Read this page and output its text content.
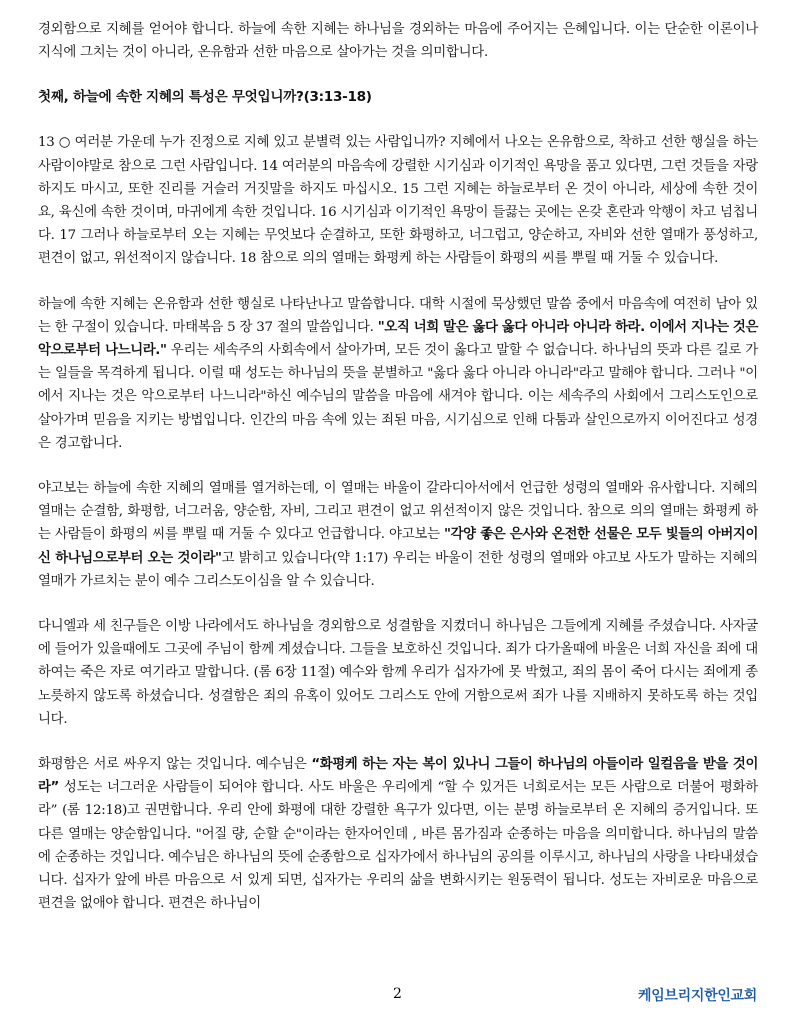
경외함으로 지혜를 얻어야 합니다. 하늘에 속한 지혜는 하나님을 경외하는 마음에 주어지는 은혜입니다. 이는 단순한 이론이나 지식에 그치는 것이 아니라, 온유함과 선한 마음으로 살아가는 것을 의미합니다.

첫째, 하늘에 속한 지혜의 특성은 무엇입니까?(3:13-18)

13 ○ 여러분 가운데 누가 진정으로 지혜 있고 분별력 있는 사람입니까? 지혜에서 나오는 온유함으로, 착하고 선한 행실을 하는 사람이야말로 참으로 그런 사람입니다. 14 여러분의 마음속에 강렬한 시기심과 이기적인 욕망을 품고 있다면, 그런 것들을 자랑하지도 마시고, 또한 진리를 거슬러 거짓말을 하지도 마십시오. 15 그런 지혜는 하늘로부터 온 것이 아니라, 세상에 속한 것이요, 육신에 속한 것이며, 마귀에게 속한 것입니다. 16 시기심과 이기적인 욕망이 들끓는 곳에는 온갖 혼란과 악행이 차고 넘칩니다. 17 그러나 하늘로부터 오는 지혜는 무엇보다 순결하고, 또한 화평하고, 너그럽고, 양순하고, 자비와 선한 열매가 풍성하고, 편견이 없고, 위선적이지 않습니다. 18 참으로 의의 열매는 화평케 하는 사람들이 화평의 씨를 뿌릴 때 거둘 수 있습니다.

하늘에 속한 지혜는 온유함과 선한 행실로 나타난나고 말씀합니다. 대학 시절에 묵상했던 말씀 중에서 마음속에 여전히 남아 있는 한 구절이 있습니다. 마태복음 5 장 37 절의 말씀입니다. "오직 너희 말은 옳다 옳다 아니라 아니라 하라. 이에서 지나는 것은 악으로부터 나느니라." 우리는 세속주의 사회속에서 살아가며, 모든 것이 옳다고 말할 수 없습니다. 하나님의 뜻과 다른 길로 가는 일들을 목격하게 됩니다. 이럴 때 성도는 하나님의 뜻을 분별하고 "옳다 옳다 아니라 아니라"라고 말해야 합니다. 그러나 "이에서 지나는 것은 악으로부터 나느니라"하신 예수님의 말씀을 마음에 새겨야 합니다. 이는 세속주의 사회에서 그리스도인으로 살아가며 믿음을 지키는 방법입니다. 인간의 마음 속에 있는 죄된 마음, 시기심으로 인해 다툼과 살인으로까지 이어진다고 성경은 경고합니다.

야고보는 하늘에 속한 지혜의 열매를 열거하는데, 이 열매는 바울이 갈라디아서에서 언급한 성령의 열매와 유사합니다. 지혜의 열매는 순결함, 화평함, 너그러움, 양순함, 자비, 그리고 편견이 없고 위선적이지 않은 것입니다. 참으로 의의 열매는 화평케 하는 사람들이 화평의 씨를 뿌릴 때 거둘 수 있다고 언급합니다. 야고보는 "각양 좋은 은사와 온전한 선물은 모두 빛들의 아버지이신 하나님으로부터 오는 것이라"고 밝히고 있습니다(약 1:17) 우리는 바울이 전한 성령의 열매와 야고보 사도가 말하는 지혜의 열매가 가르치는 분이 예수 그리스도이심을 알 수 있습니다.

다니엘과 세 친구들은 이방 나라에서도 하나님을 경외함으로 성결함을 지켰더니 하나님은 그들에게 지혜를 주셨습니다. 사자굴에 들어가 있을때에도 그곳에 주님이 함께 계셨습니다. 그들을 보호하신 것입니다. 죄가 다가올때에 바울은 너희 자신을 죄에 대하여는 죽은 자로 여기라고 말합니다. (롬 6장 11절) 예수와 함께 우리가 십자가에 못 박혔고, 죄의 몸이 죽어 다시는 죄에게 종 노릇하지 않도록 하셨습니다. 성결함은 죄의 유혹이 있어도 그리스도 안에 거함으로써 죄가 나를 지배하지 못하도록 하는 것입니다.

화평함은 서로 싸우지 않는 것입니다. 예수님은 “화평케 하는 자는 복이 있나니 그들이 하나님의 아들이라 일컬음을 받을 것이라” 성도는 너그러운 사람들이 되어야 합니다. 사도 바울은 우리에게 “할 수 있거든 너희로서는 모든 사람으로 더불어 평화하라” (롬 12:18)고 권면합니다. 우리 안에 화평에 대한 강렬한 욕구가 있다면, 이는 분명 하늘로부터 온 지혜의 증거입니다. 또 다른 열매는 양순함입니다. "어질 량, 순할 순"이라는 한자어인데 , 바른 몸가짐과 순종하는 마음을 의미합니다. 하나님의 말씀에 순종하는 것입니다. 예수님은 하나님의 뜻에 순종함으로 십자가에서 하나님의 공의를 이루시고, 하나님의 사랑을 나타내셨습니다. 십자가 앞에 바른 마음으로 서 있게 되면, 십자가는 우리의 삶을 변화시키는 원동력이 됩니다. 성도는 자비로운 마음으로 편견을 없애야 합니다. 편견은 하나님이

2	케임브리지한인교회
